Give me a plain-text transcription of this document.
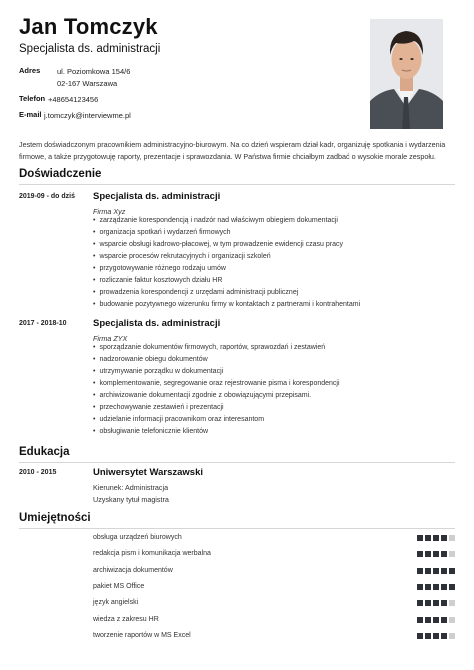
Jan Tomczyk
Specjalista ds. administracji
Adres ul. Poziomkowa 154/6
02-167 Warszawa
Telefon +48654123456
E-mail j.tomczyk@interviewme.pl
Jestem doświadczonym pracownikiem administracyjno-biurowym. Na co dzień wspieram dział kadr, organizuję spotkania i wydarzenia firmowe, a także przygotowuję raporty, prezentacje i sprawozdania. W Państwa firmie chciałbym zadbać o wysokie morale zespołu.
Doświadczenie
2019-09 - do dziś Specjalista ds. administracji
Firma Xyz
• zarządzanie korespondencją i nadzór nad właściwym obiegiem dokumentacji
• organizacja spotkań i wydarzeń firmowych
• wsparcie obsługi kadrowo-płacowej, w tym prowadzenie ewidencji czasu pracy
• wsparcie procesów rekrutacyjnych i organizacji szkoleń
• przygotowywanie różnego rodzaju umów
• rozliczanie faktur kosztowych działu HR
• prowadzenia korespondencji z urzędami administracji publicznej
• budowanie pozytywnego wizerunku firmy w kontaktach z partnerami i kontrahentami
2017 - 2018-10	Specjalista ds. administracji
Firma ZYX
• sporządzanie dokumentów firmowych, raportów, sprawozdań i zestawień
• nadzorowanie obiegu dokumentów
• utrzymywanie porządku w dokumentacji
• komplementowanie, segregowanie oraz rejestrowanie pisma i korespondencji
• archiwizowanie dokumentacji zgodnie z obowiązującymi przepisami.
• przechowywanie zestawień i prezentacji
• udzielanie informacji pracownikom oraz interesantom
• obsługiwanie telefonicznie klientów
Edukacja
2010 - 2015	Uniwersytet Warszawski
Kierunek: Administracja
Uzyskany tytuł magistra
Umiejętności
obsługa urządzeń biurowych
redakcja pism i komunikacja werbalna
archiwizacja dokumentów
pakiet MS Office
język angielski
wiedza z zakresu HR
tworzenie raportów w MS Excel
